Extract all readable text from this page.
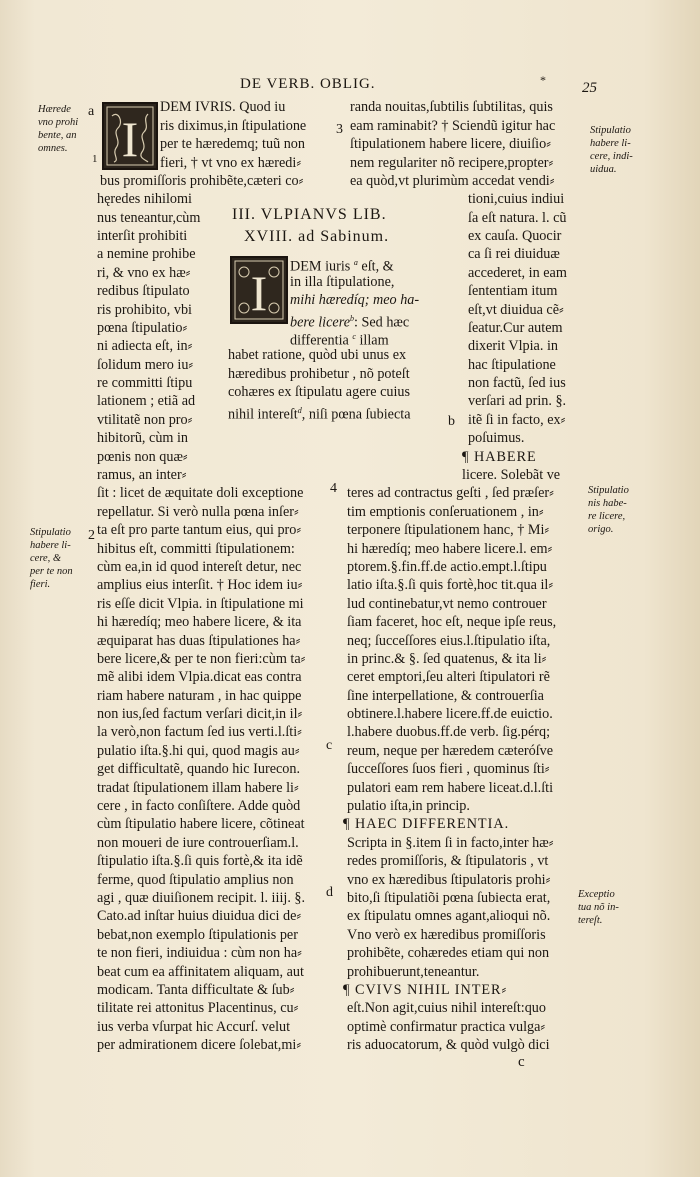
DE VERB. OBLIG.	* 25
I
I
III. VLPIANVS LIB.
XVIII. ad Sabinum.
a
1
2
3
4
b
c
d
Hærede
vno prohi
bente, an
omnes.
Stipulatio
habere li-
cere, &
per te non
fieri.
Stipulatio
habere li-
cere, indi-
uidua.
Stipulatio
nis habe-
re licere,
origo.
Exceptio
tua nõ in-
tereſt.
DEM IVRIS. Quod iu
ris diximus,in ſtipulatione
per te hæredemq; tuũ non
fieri, † vt vno ex hæredi⸗
bus promiſſoris prohibẽte,cæteri co⸗
hęredes nihilomi
nus teneantur,cùm
interſit prohibiti
a nemine prohibe
ri, & vno ex hæ⸗
redibus ſtipulato
ris prohibito, vbi
pœna ſtipulatio⸗
ni adiecta eſt, in⸗
ſolidum mero iu⸗
re committi ſtipu
lationem ; etiã ad
vtilitatẽ non pro⸗
hibitorũ, cùm in
pœnis non quæ⸗
ramus, an inter⸗
ſit : licet de æquitate doli exceptione
repellatur. Si verò nulla pœna inſer⸗
ta eſt pro parte tantum eius, qui pro⸗
hibitus eſt, committi ſtipulationem:
cùm ea,in id quod intereſt detur, nec
amplius eius interſit. † Hoc idem iu⸗
ris eſſe dicit Vlpia. in ſtipulatione mi
hi hæredíq; meo habere licere, & ita
æquiparat has duas ſtipulationes ha⸗
bere licere,& per te non fieri:cùm ta⸗
mẽ alibi idem Vlpia.dicat eas contra
riam habere naturam , in hac quippe
non ius,ſed factum verſari dicit,in il⸗
la verò,non factum ſed ius verti.l.ſti⸗
pulatio iſta.§.hi qui, quod magis au⸗
get difficultatẽ, quando hic Iurecon.
tradat ſtipulationem illam habere li⸗
cere , in facto conſiſtere. Adde quòd
cùm ſtipulatio habere licere, cõtineat
non moueri de iure controuerſiam.l.
ſtipulatio iſta.§.ſi quis fortè,& ita idẽ
ferme, quod ſtipulatio amplius non
agi , quæ diuiſionem recipit. l. iiij. §.
Cato.ad inſtar huius diuidua dici de⸗
bebat,non exemplo ſtipulationis per
te non fieri, indiuidua : cùm non ha⸗
beat cum ea affinitatem aliquam, aut
modicam. Tanta difficultate & ſub⸗
tilitate rei attonitus Placentinus, cu⸗
ius verba vſurpat hic Accurſ. velut
per admirationem dicere ſolebat,mi⸗
DEM iuris $^a$ eſt, &
in illa ſtipulatione,
mihi hæredíq; meo ha-
bere licere$^b$: Sed hæc
differentia $^c$ illam
habet ratione, quòd ubi unus ex
hæredibus prohibetur , nõ poteſt
cohæres ex ſtipulatu agere cuius
nihil intereſt$^d$, niſi pœna ſubiecta
randa nouitas,ſubtilis ſubtilitas, quis
eam raminabit? † Sciendũ igitur hac
ſtipulationem habere licere, diuiſio⸗
nem regulariter nõ recipere,propter⸗
ea quòd,vt plurimùm accedat vendi⸗
tioni,cuius indiui
ſa eſt natura. l. cũ
ex cauſa. Quocir
ca ſi rei diuiduæ
accederet, in eam
ſententiam itum
eſt,vt diuidua cẽ⸗
ſeatur.Cur autem
dixerit Vlpia. in
hac ſtipulatione
non factũ, ſed ius
verſari ad prin. §.
itẽ ſi in facto, ex⸗
poſuimus.
¶ HABERE
licere. Solebãt ve
teres ad contractus geſti , ſed præſer⸗
tim emptionis conſeruationem , in⸗
terponere ſtipulationem hanc, † Mi⸗
hi hæredíq; meo habere licere.l. em⸗
ptorem.§.fin.ff.de actio.empt.l.ſtipu
latio iſta.§.ſi quis fortè,hoc tit.qua il⸗
lud continebatur,vt nemo controuer
ſiam faceret, hoc eſt, neque ipſe reus,
neq; ſucceſſores eius.l.ſtipulatio iſta,
in princ.& §. ſed quatenus, & ita li⸗
ceret emptori,ſeu alteri ſtipulatori rẽ
ſine interpellatione, & controuerſia
obtinere.l.habere licere.ff.de euictio.
l.habere duobus.ff.de verb. ſig.pérq;
reum, neque per hæredem cæteróſve
ſucceſſores ſuos fieri , quominus ſti⸗
pulatori eam rem habere liceat.d.l.ſti
pulatio iſta,in princip.
¶ HAEC DIFFERENTIA.
Scripta in §.item ſi in facto,inter hæ⸗
redes promiſſoris, & ſtipulatoris , vt
vno ex hæredibus ſtipulatoris prohi⸗
bito,ſi ſtipulatiõi pœna ſubiecta erat,
ex ſtipulatu omnes agant,alioqui nõ.
Vno verò ex hæredibus promiſſoris
prohibẽte, cohæredes etiam qui non
prohibuerunt,teneantur.
¶ CVIVS NIHIL INTER⸗
eſt.Non agit,cuius nihil intereſt:quo
optimè confirmatur practica vulga⸗
ris aduocatorum, & quòd vulgò dici
c
